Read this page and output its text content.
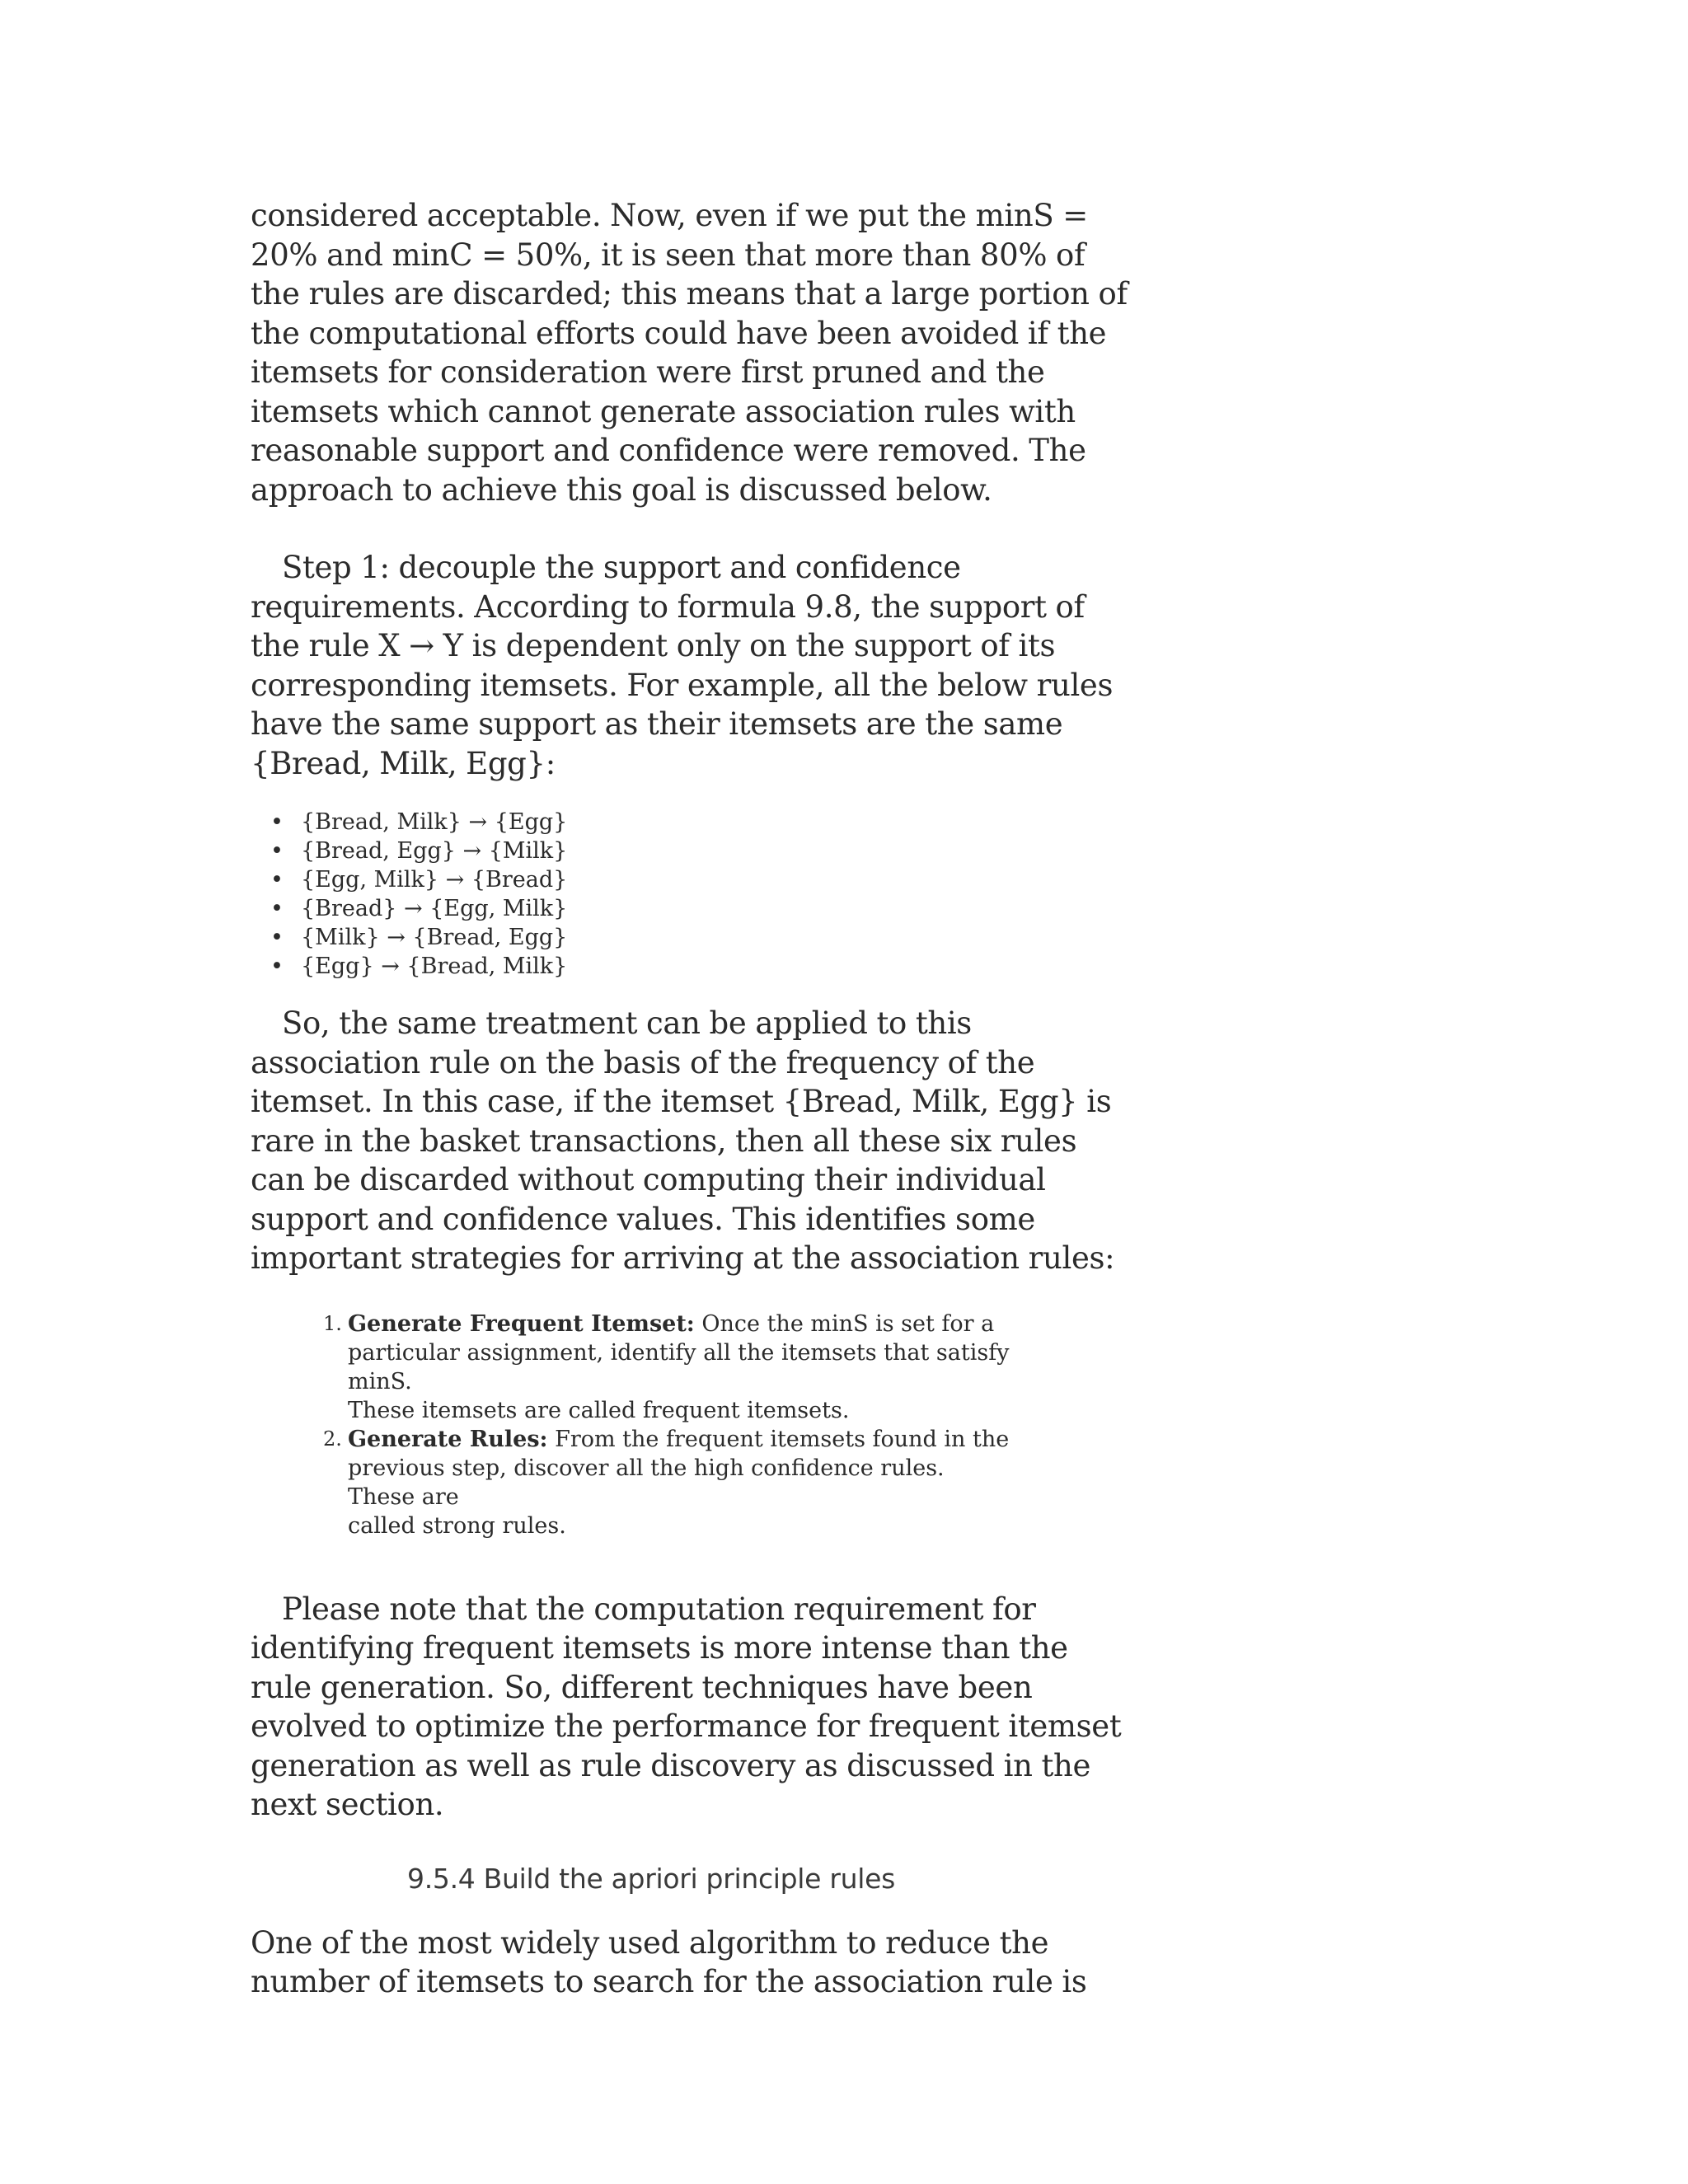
considered acceptable. Now, even if we put the minS =
20% and minC = 50%, it is seen that more than 80% of
the rules are discarded; this means that a large portion of
the computational efforts could have been avoided if the
itemsets for consideration were first pruned and the
itemsets which cannot generate association rules with
reasonable support and confidence were removed. The
approach to achieve this goal is discussed below.

Step 1: decouple the support and confidence
requirements. According to formula 9.8, the support of
the rule X → Y is dependent only on the support of its
corresponding itemsets. For example, all the below rules
have the same support as their itemsets are the same
{Bread, Milk, Egg}:

• {Bread, Milk} → {Egg}
• {Bread, Egg} → {Milk}
• {Egg, Milk} → {Bread}
• {Bread} → {Egg, Milk}
• {Milk} → {Bread, Egg}
• {Egg} → {Bread, Milk}

So, the same treatment can be applied to this
association rule on the basis of the frequency of the
itemset. In this case, if the itemset {Bread, Milk, Egg} is
rare in the basket transactions, then all these six rules
can be discarded without computing their individual
support and confidence values. This identifies some
important strategies for arriving at the association rules:

1. Generate Frequent Itemset: Once the minS is set for a
particular assignment, identify all the itemsets that satisfy minS.
These itemsets are called frequent itemsets.
2. Generate Rules: From the frequent itemsets found in the
previous step, discover all the high confidence rules. These are
called strong rules.

Please note that the computation requirement for
identifying frequent itemsets is more intense than the
rule generation. So, different techniques have been
evolved to optimize the performance for frequent itemset
generation as well as rule discovery as discussed in the
next section.

9.5.4 Build the apriori principle rules

One of the most widely used algorithm to reduce the
number of itemsets to search for the association rule is
